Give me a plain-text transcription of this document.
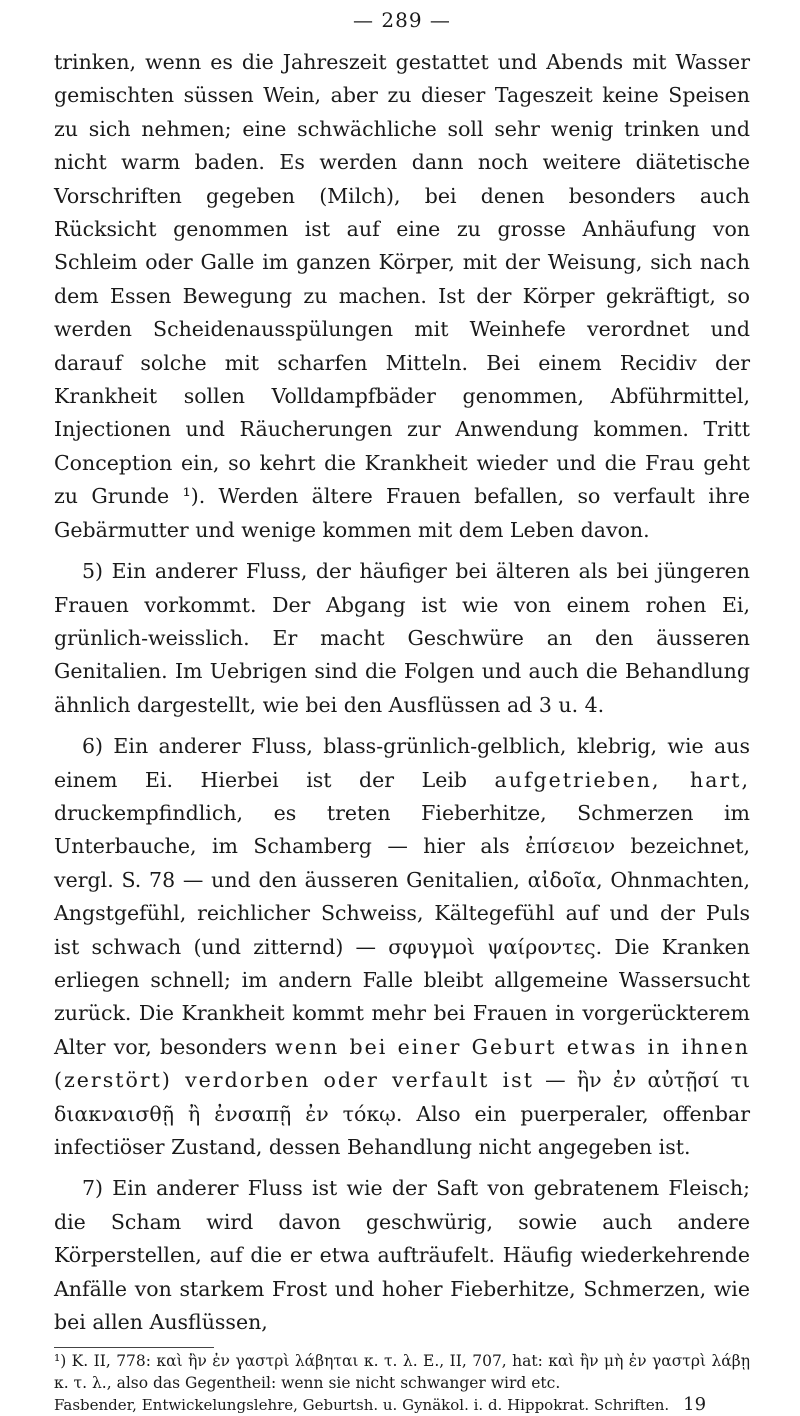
— 289 —

trinken, wenn es die Jahreszeit gestattet und Abends mit Wasser gemischten süssen Wein, aber zu dieser Tageszeit keine Speisen zu sich nehmen; eine schwächliche soll sehr wenig trinken und nicht warm baden. Es werden dann noch weitere diätetische Vorschriften gegeben (Milch), bei denen besonders auch Rücksicht genommen ist auf eine zu grosse Anhäufung von Schleim oder Galle im ganzen Körper, mit der Weisung, sich nach dem Essen Bewegung zu machen. Ist der Körper gekräftigt, so werden Scheidenausspülungen mit Weinhefe verordnet und darauf solche mit scharfen Mitteln. Bei einem Recidiv der Krankheit sollen Volldampfbäder genommen, Abführmittel, Injectionen und Räucherungen zur Anwendung kommen. Tritt Conception ein, so kehrt die Krankheit wieder und die Frau geht zu Grunde ¹). Werden ältere Frauen befallen, so verfault ihre Gebärmutter und wenige kommen mit dem Leben davon.

5) Ein anderer Fluss, der häufiger bei älteren als bei jüngeren Frauen vorkommt. Der Abgang ist wie von einem rohen Ei, grünlich-weisslich. Er macht Geschwüre an den äusseren Genitalien. Im Uebrigen sind die Folgen und auch die Behandlung ähnlich dargestellt, wie bei den Ausflüssen ad 3 u. 4.

6) Ein anderer Fluss, blass-grünlich-gelblich, klebrig, wie aus einem Ei. Hierbei ist der Leib aufgetrieben, hart, druckempfindlich, es treten Fieberhitze, Schmerzen im Unterbauche, im Schamberg — hier als ἐπίσειον bezeichnet, vergl. S. 78 — und den äusseren Genitalien, αἰδοῖα, Ohnmachten, Angstgefühl, reichlicher Schweiss, Kältegefühl auf und der Puls ist schwach (und zitternd) — σφυγμοὶ ψαίροντες. Die Kranken erliegen schnell; im andern Falle bleibt allgemeine Wassersucht zurück. Die Krankheit kommt mehr bei Frauen in vorgerückterem Alter vor, besonders wenn bei einer Geburt etwas in ihnen (zerstört) verdorben oder verfault ist — ἢν ἐν αὐτῇσί τι διακναισθῇ ἢ ἐνσαπῇ ἐν τόκῳ. Also ein puerperaler, offenbar infectiöser Zustand, dessen Behandlung nicht angegeben ist.

7) Ein anderer Fluss ist wie der Saft von gebratenem Fleisch; die Scham wird davon geschwürig, sowie auch andere Körperstellen, auf die er etwa aufträufelt. Häufig wiederkehrende Anfälle von starkem Frost und hoher Fieberhitze, Schmerzen, wie bei allen Ausflüssen,

¹) K. II, 778: καὶ ἢν ἐν γαστρὶ λάβηται κ. τ. λ. E., II, 707, hat: καὶ ἢν μὴ ἐν γαστρὶ λάβῃ κ. τ. λ., also das Gegentheil: wenn sie nicht schwanger wird etc.

Fasbender, Entwickelungslehre, Geburtsh. u. Gynäkol. i. d. Hippokrat. Schriften. 19
